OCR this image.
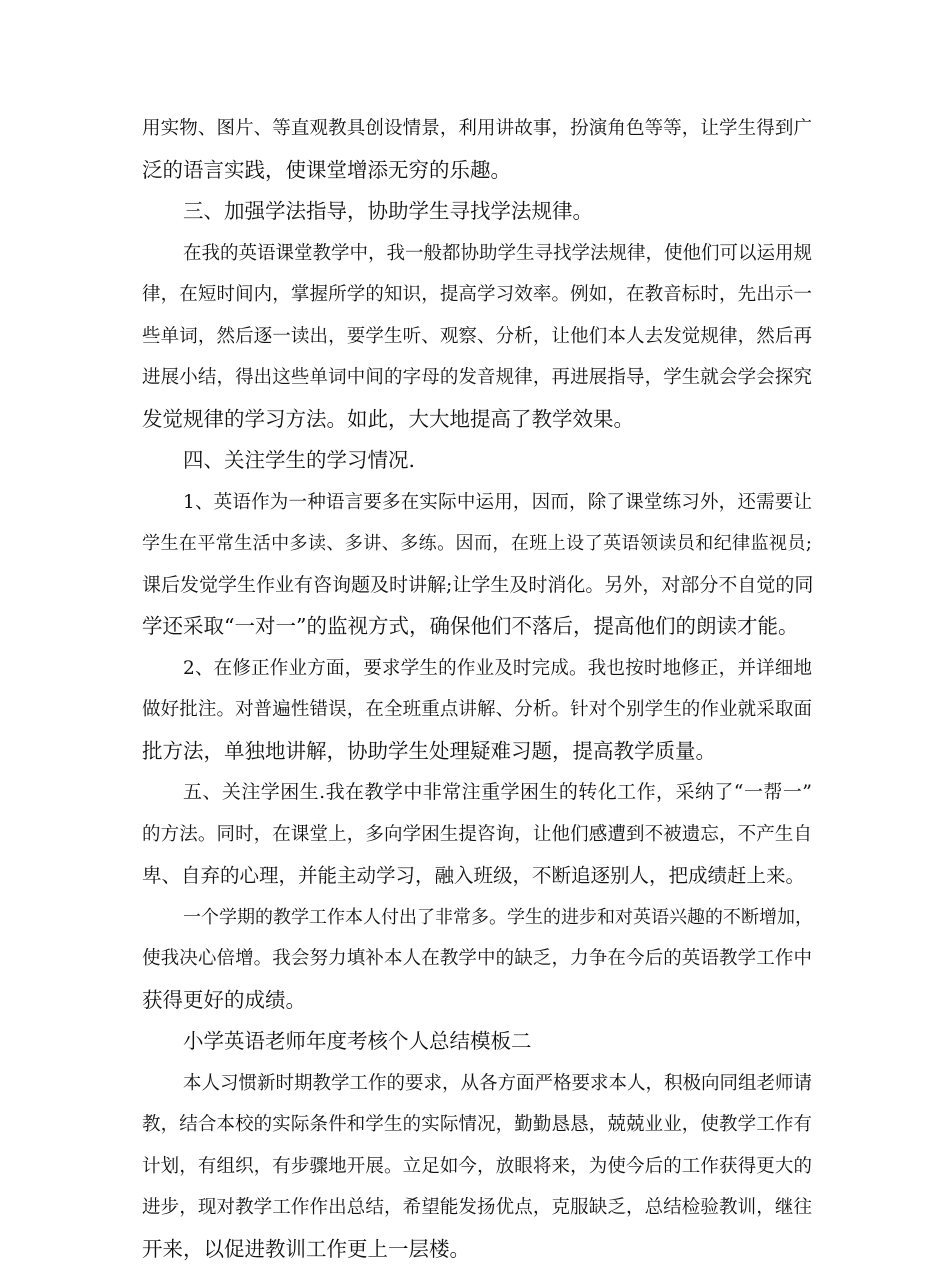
用实物、图片、等直观教具创设情景，利用讲故事，扮演角色等等，让学生得到广
泛的语言实践，使课堂增添无穷的乐趣。
三、加强学法指导，协助学生寻找学法规律。
在我的英语课堂教学中，我一般都协助学生寻找学法规律，使他们可以运用规
律，在短时间内，掌握所学的知识，提高学习效率。例如，在教音标时，先出示一
些单词，然后逐一读出，要学生听、观察、分析，让他们本人去发觉规律，然后再
进展小结，得出这些单词中间的字母的发音规律，再进展指导，学生就会学会探究
发觉规律的学习方法。如此，大大地提高了教学效果。
四、关注学生的学习情况.
1、英语作为一种语言要多在实际中运用，因而，除了课堂练习外，还需要让
学生在平常生活中多读、多讲、多练。因而，在班上设了英语领读员和纪律监视员;
课后发觉学生作业有咨询题及时讲解;让学生及时消化。另外，对部分不自觉的同
学还采取“一对一”的监视方式，确保他们不落后，提高他们的朗读才能。
2、在修正作业方面，要求学生的作业及时完成。我也按时地修正，并详细地
做好批注。对普遍性错误，在全班重点讲解、分析。针对个别学生的作业就采取面
批方法，单独地讲解，协助学生处理疑难习题，提高教学质量。
五、关注学困生.我在教学中非常注重学困生的转化工作，采纳了“一帮一”
的方法。同时，在课堂上，多向学困生提咨询，让他们感遭到不被遗忘，不产生自
卑、自弃的心理，并能主动学习，融入班级，不断追逐别人，把成绩赶上来。
一个学期的教学工作本人付出了非常多。学生的进步和对英语兴趣的不断增加，
使我决心倍增。我会努力填补本人在教学中的缺乏，力争在今后的英语教学工作中
获得更好的成绩。
小学英语老师年度考核个人总结模板二
本人习惯新时期教学工作的要求，从各方面严格要求本人，积极向同组老师请
教，结合本校的实际条件和学生的实际情况，勤勤恳恳，兢兢业业，使教学工作有
计划，有组织，有步骤地开展。立足如今，放眼将来，为使今后的工作获得更大的
进步，现对教学工作作出总结，希望能发扬优点，克服缺乏，总结检验教训，继往
开来，以促进教训工作更上一层楼。
